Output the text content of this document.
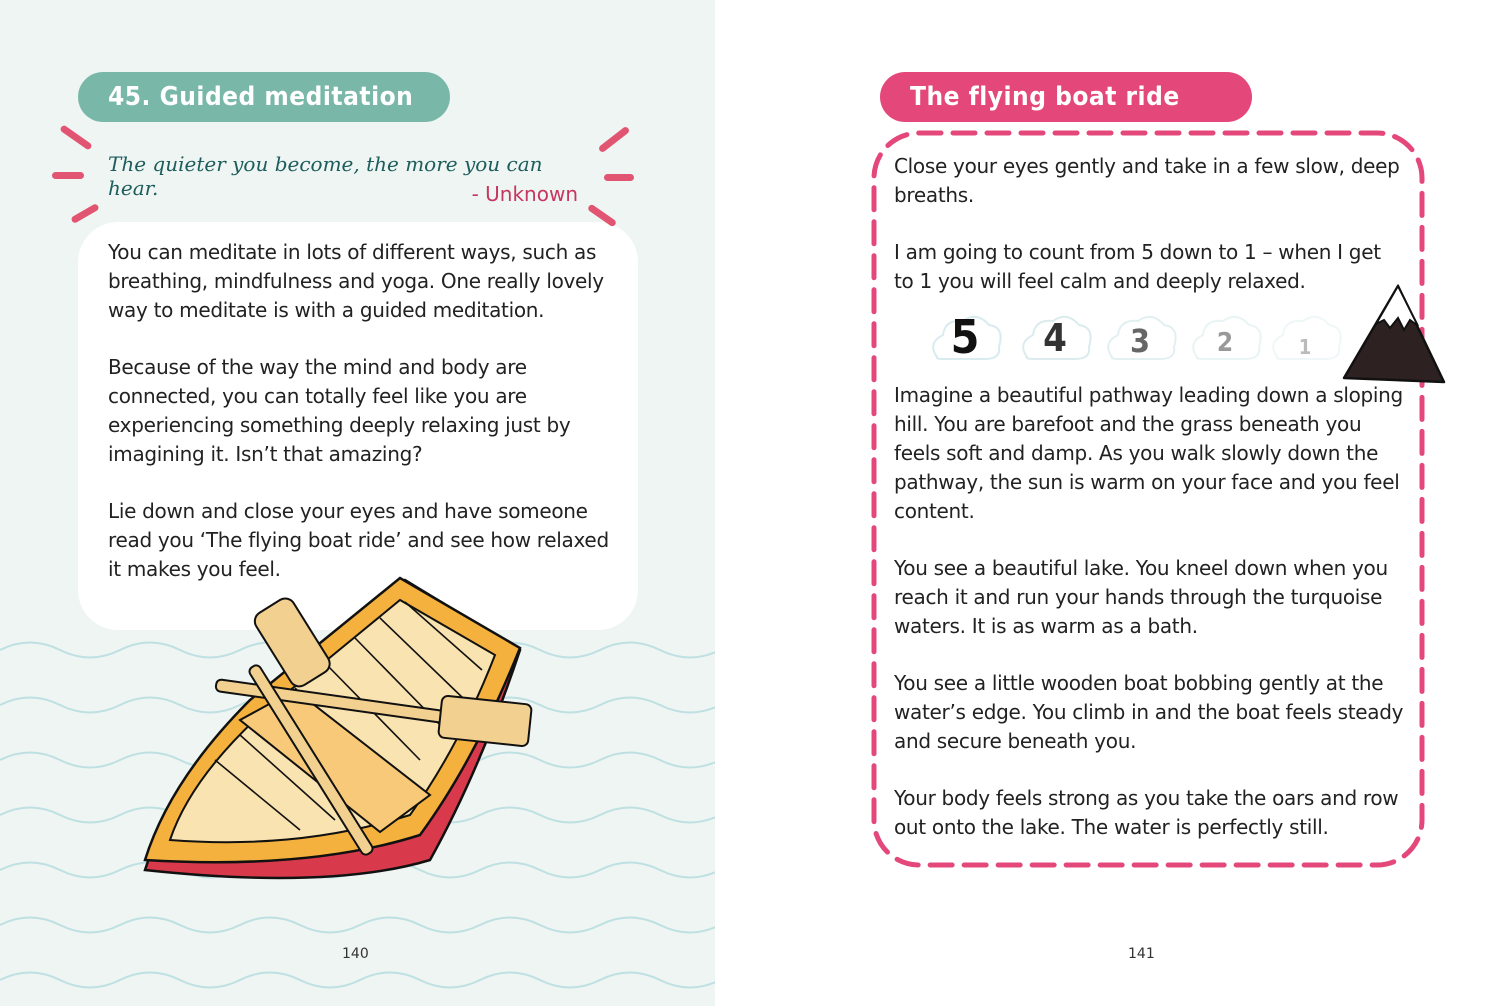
45. Guided meditation
The quieter you become, the more you can hear.	- Unknown

You can meditate in lots of different ways, such as breathing, mindfulness and yoga. One really lovely way to meditate is with a guided meditation.

Because of the way the mind and body are connected, you can totally feel like you are experiencing something deeply relaxing just by imagining it. Isn’t that amazing?

Lie down and close your eyes and have someone read you ‘The flying boat ride’ and see how relaxed it makes you feel.

140	141
The flying boat ride

Close your eyes gently and take in a few slow, deep breaths.

I am going to count from 5 down to 1 – when I get to 1 you will feel calm and deeply relaxed.

5	4	3	2	1

Imagine a beautiful pathway leading down a sloping hill. You are barefoot and the grass beneath you feels soft and damp. As you walk slowly down the pathway, the sun is warm on your face and you feel content.

You see a beautiful lake. You kneel down when you reach it and run your hands through the turquoise waters. It is as warm as a bath.

You see a little wooden boat bobbing gently at the water’s edge. You climb in and the boat feels steady and secure beneath you.

Your body feels strong as you take the oars and row out onto the lake. The water is perfectly still.
